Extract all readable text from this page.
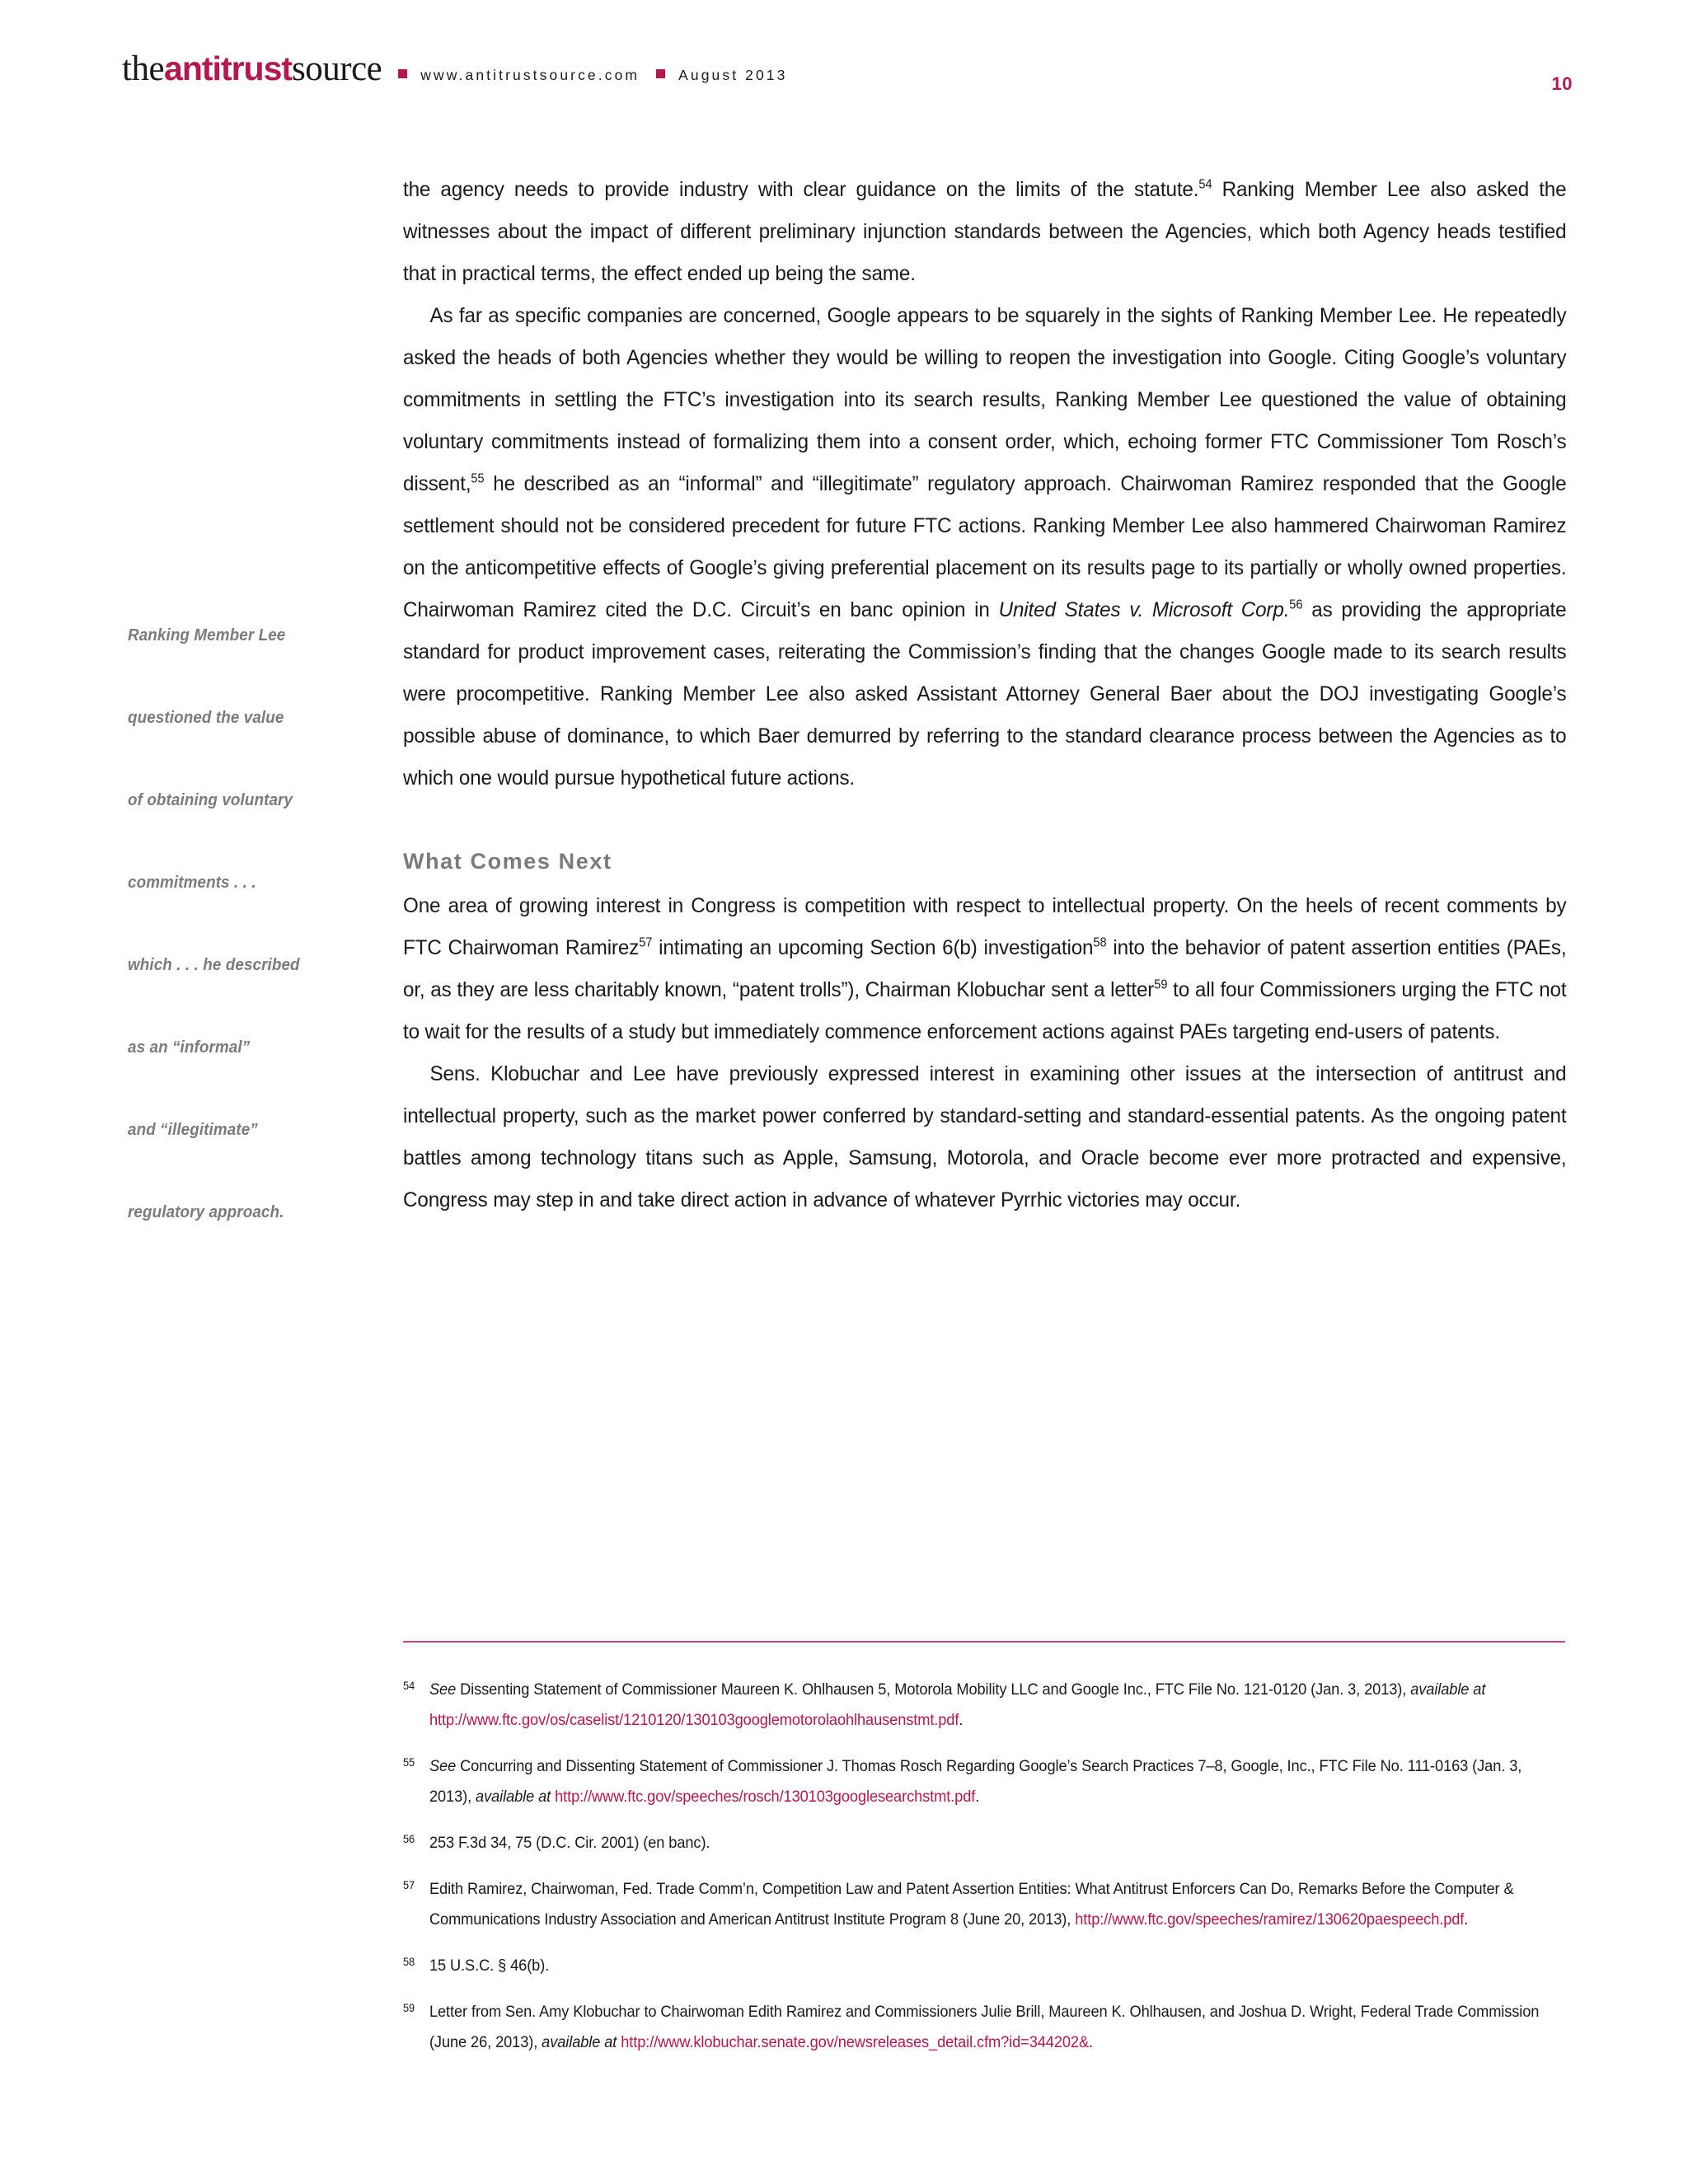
theantitrustsource	www.antitrustsource.com	August 2013	10
Ranking Member Lee
questioned the value
of obtaining voluntary
commitments . . .
which . . . he described
as an “informal”
and “illegitimate”
regulatory approach.

the agency needs to provide industry with clear guidance on the limits of the statute.$^{54}$ Ranking Member Lee also asked the witnesses about the impact of different preliminary injunction standards between the Agencies, which both Agency heads testified that in practical terms, the effect ended up being the same.

As far as specific companies are concerned, Google appears to be squarely in the sights of Ranking Member Lee. He repeatedly asked the heads of both Agencies whether they would be willing to reopen the investigation into Google. Citing Google’s voluntary commitments in settling the FTC’s investigation into its search results, Ranking Member Lee questioned the value of obtaining voluntary commitments instead of formalizing them into a consent order, which, echoing former FTC Commissioner Tom Rosch’s dissent,$^{55}$ he described as an “informal” and “illegitimate” regulatory approach. Chairwoman Ramirez responded that the Google settlement should not be considered precedent for future FTC actions. Ranking Member Lee also hammered Chairwoman Ramirez on the anticompetitive effects of Google’s giving preferential placement on its results page to its partially or wholly owned properties. Chairwoman Ramirez cited the D.C. Circuit’s en banc opinion in United States v. Microsoft Corp.$^{56}$ as providing the appropriate standard for product improvement cases, reiterating the Commission’s finding that the changes Google made to its search results were procompetitive. Ranking Member Lee also asked Assistant Attorney General Baer about the DOJ investigating Google’s possible abuse of dominance, to which Baer demurred by referring to the standard clearance process between the Agencies as to which one would pursue hypothetical future actions.

What Comes Next

One area of growing interest in Congress is competition with respect to intellectual property. On the heels of recent comments by FTC Chairwoman Ramirez$^{57}$ intimating an upcoming Section 6(b) investigation$^{58}$ into the behavior of patent assertion entities (PAEs, or, as they are less charitably known, “patent trolls”), Chairman Klobuchar sent a letter$^{59}$ to all four Commissioners urging the FTC not to wait for the results of a study but immediately commence enforcement actions against PAEs targeting end-users of patents.

Sens. Klobuchar and Lee have previously expressed interest in examining other issues at the intersection of antitrust and intellectual property, such as the market power conferred by standard-setting and standard-essential patents. As the ongoing patent battles among technology titans such as Apple, Samsung, Motorola, and Oracle become ever more protracted and expensive, Congress may step in and take direct action in advance of whatever Pyrrhic victories may occur.

54 See Dissenting Statement of Commissioner Maureen K. Ohlhausen 5, Motorola Mobility LLC and Google Inc., FTC File No. 121-0120 (Jan. 3, 2013), available at http://www.ftc.gov/os/caselist/1210120/130103googlemotorolaohlhausenstmt.pdf.
55 See Concurring and Dissenting Statement of Commissioner J. Thomas Rosch Regarding Google’s Search Practices 7–8, Google, Inc., FTC File No. 111-0163 (Jan. 3, 2013), available at http://www.ftc.gov/speeches/rosch/130103googlesearchstmt.pdf.
56 253 F.3d 34, 75 (D.C. Cir. 2001) (en banc).
57 Edith Ramirez, Chairwoman, Fed. Trade Comm’n, Competition Law and Patent Assertion Entities: What Antitrust Enforcers Can Do, Remarks Before the Computer & Communications Industry Association and American Antitrust Institute Program 8 (June 20, 2013), http://www.ftc.gov/speeches/ramirez/130620paespeech.pdf.
58 15 U.S.C. § 46(b).
59 Letter from Sen. Amy Klobuchar to Chairwoman Edith Ramirez and Commissioners Julie Brill, Maureen K. Ohlhausen, and Joshua D. Wright, Federal Trade Commission (June 26, 2013), available at http://www.klobuchar.senate.gov/newsreleases_detail.cfm?id=344202&.
